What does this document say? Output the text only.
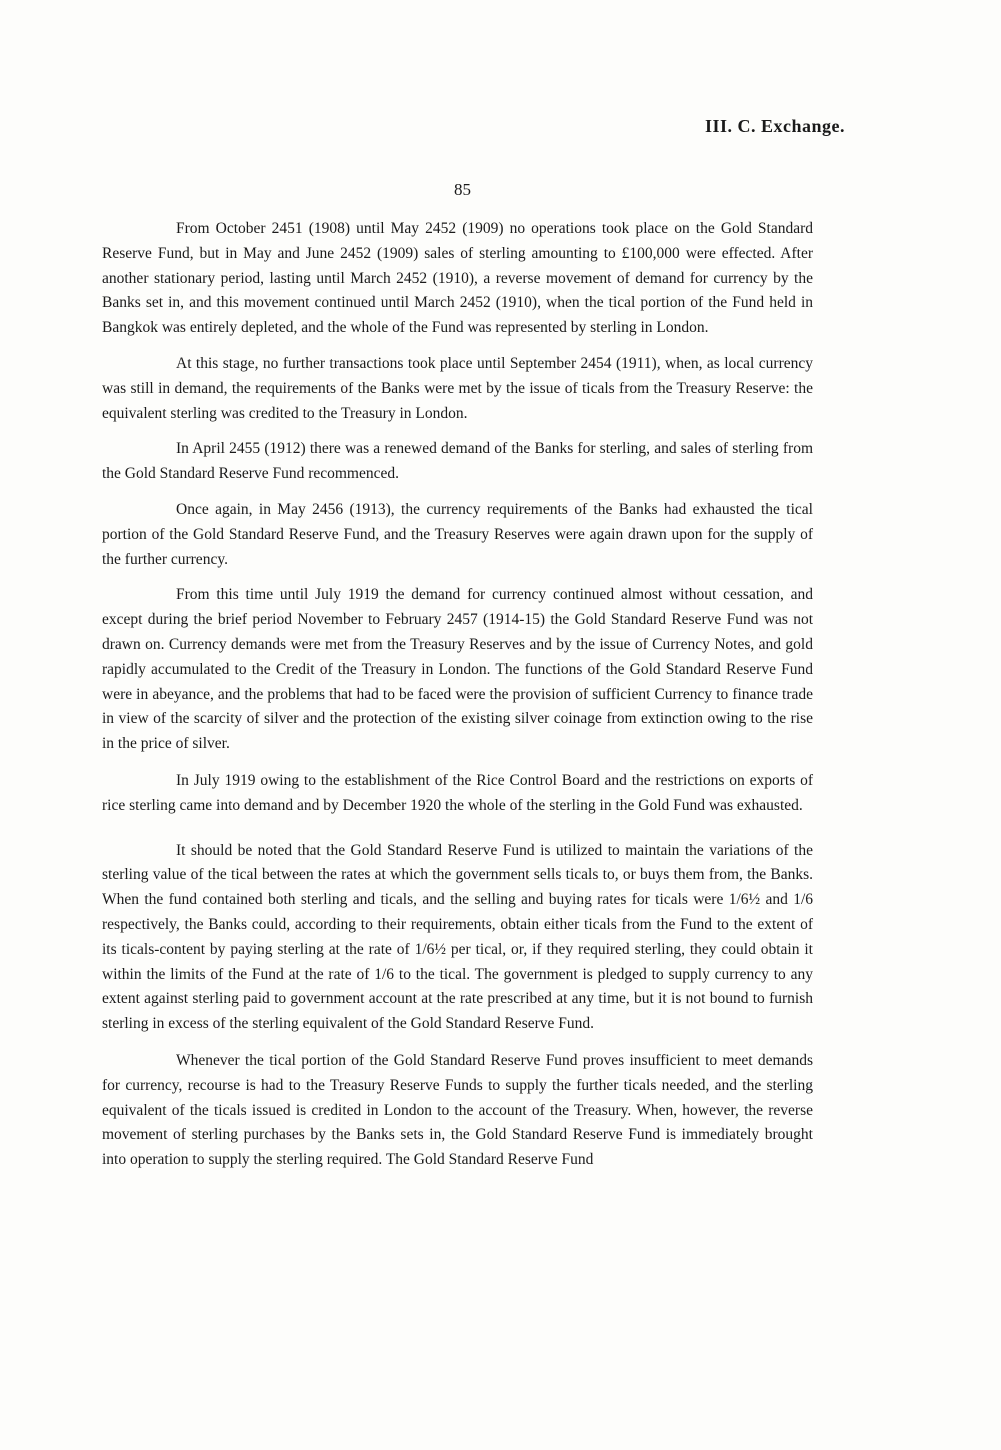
III. C. Exchange.
85

From October 2451 (1908) until May 2452 (1909) no operations took place on the Gold Standard Reserve Fund, but in May and June 2452 (1909) sales of sterling amounting to £100,000 were effected. After another stationary period, lasting until March 2452 (1910), a reverse movement of demand for currency by the Banks set in, and this movement continued until March 2452 (1910), when the tical portion of the Fund held in Bangkok was entirely depleted, and the whole of the Fund was represented by sterling in London.

At this stage, no further transactions took place until September 2454 (1911), when, as local currency was still in demand, the requirements of the Banks were met by the issue of ticals from the Treasury Reserve: the equivalent sterling was credited to the Treasury in London.

In April 2455 (1912) there was a renewed demand of the Banks for sterling, and sales of sterling from the Gold Standard Reserve Fund recommenced.

Once again, in May 2456 (1913), the currency requirements of the Banks had exhausted the tical portion of the Gold Standard Reserve Fund, and the Treasury Reserves were again drawn upon for the supply of the further currency.

From this time until July 1919 the demand for currency continued almost without cessation, and except during the brief period November to February 2457 (1914-15) the Gold Standard Reserve Fund was not drawn on. Currency demands were met from the Treasury Reserves and by the issue of Currency Notes, and gold rapidly accumulated to the Credit of the Treasury in London. The functions of the Gold Standard Reserve Fund were in abeyance, and the problems that had to be faced were the provision of sufficient Currency to finance trade in view of the scarcity of silver and the protection of the existing silver coinage from extinction owing to the rise in the price of silver.

In July 1919 owing to the establishment of the Rice Control Board and the restrictions on exports of rice sterling came into demand and by December 1920 the whole of the sterling in the Gold Fund was exhausted.

It should be noted that the Gold Standard Reserve Fund is utilized to maintain the variations of the sterling value of the tical between the rates at which the government sells ticals to, or buys them from, the Banks. When the fund contained both sterling and ticals, and the selling and buying rates for ticals were 1/6½ and 1/6 respectively, the Banks could, according to their requirements, obtain either ticals from the Fund to the extent of its ticals-content by paying sterling at the rate of 1/6½ per tical, or, if they required sterling, they could obtain it within the limits of the Fund at the rate of 1/6 to the tical. The government is pledged to supply currency to any extent against sterling paid to government account at the rate prescribed at any time, but it is not bound to furnish sterling in excess of the sterling equivalent of the Gold Standard Reserve Fund.

Whenever the tical portion of the Gold Standard Reserve Fund proves insufficient to meet demands for currency, recourse is had to the Treasury Reserve Funds to supply the further ticals needed, and the sterling equivalent of the ticals issued is credited in London to the account of the Treasury. When, however, the reverse movement of sterling purchases by the Banks sets in, the Gold Standard Reserve Fund is immediately brought into operation to supply the sterling required. The Gold Standard Reserve Fund
